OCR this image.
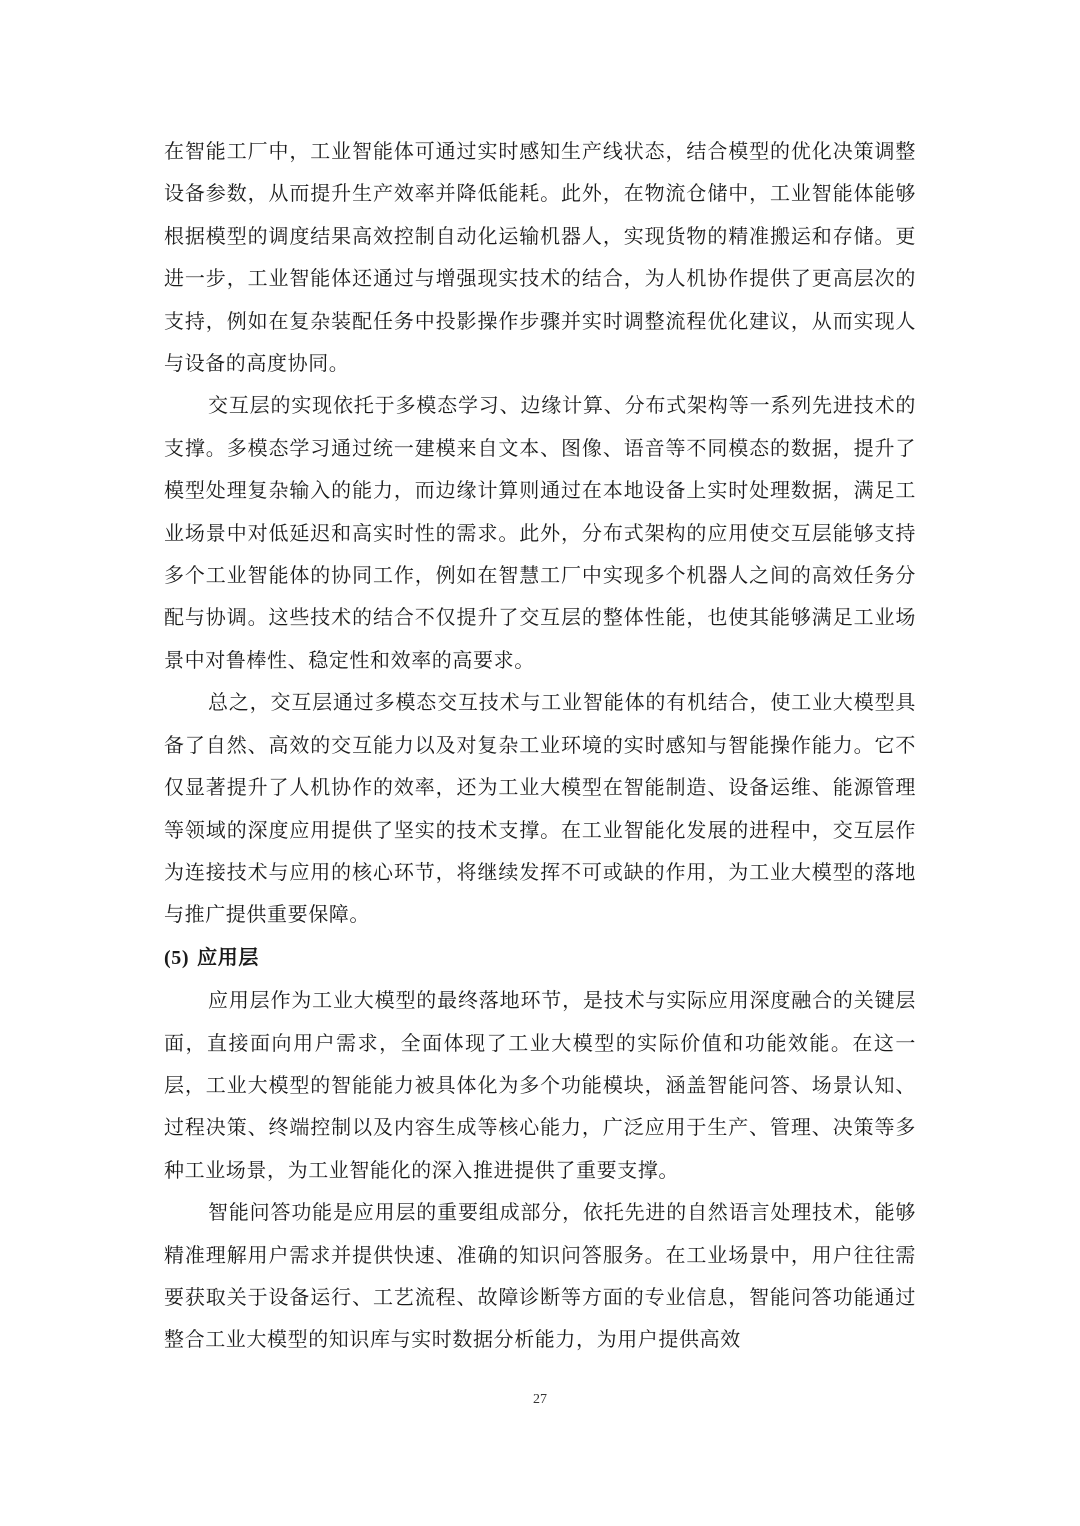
在智能工厂中，工业智能体可通过实时感知生产线状态，结合模型的优化决策调整设备参数，从而提升生产效率并降低能耗。此外，在物流仓储中，工业智能体能够根据模型的调度结果高效控制自动化运输机器人，实现货物的精准搬运和存储。更进一步，工业智能体还通过与增强现实技术的结合，为人机协作提供了更高层次的支持，例如在复杂装配任务中投影操作步骤并实时调整流程优化建议，从而实现人与设备的高度协同。

交互层的实现依托于多模态学习、边缘计算、分布式架构等一系列先进技术的支撑。多模态学习通过统一建模来自文本、图像、语音等不同模态的数据，提升了模型处理复杂输入的能力，而边缘计算则通过在本地设备上实时处理数据，满足工业场景中对低延迟和高实时性的需求。此外，分布式架构的应用使交互层能够支持多个工业智能体的协同工作，例如在智慧工厂中实现多个机器人之间的高效任务分配与协调。这些技术的结合不仅提升了交互层的整体性能，也使其能够满足工业场景中对鲁棒性、稳定性和效率的高要求。

总之，交互层通过多模态交互技术与工业智能体的有机结合，使工业大模型具备了自然、高效的交互能力以及对复杂工业环境的实时感知与智能操作能力。它不仅显著提升了人机协作的效率，还为工业大模型在智能制造、设备运维、能源管理等领域的深度应用提供了坚实的技术支撑。在工业智能化发展的进程中，交互层作为连接技术与应用的核心环节，将继续发挥不可或缺的作用，为工业大模型的落地与推广提供重要保障。

(5) 应用层

应用层作为工业大模型的最终落地环节，是技术与实际应用深度融合的关键层面，直接面向用户需求，全面体现了工业大模型的实际价值和功能效能。在这一层，工业大模型的智能能力被具体化为多个功能模块，涵盖智能问答、场景认知、过程决策、终端控制以及内容生成等核心能力，广泛应用于生产、管理、决策等多种工业场景，为工业智能化的深入推进提供了重要支撑。

智能问答功能是应用层的重要组成部分，依托先进的自然语言处理技术，能够精准理解用户需求并提供快速、准确的知识问答服务。在工业场景中，用户往往需要获取关于设备运行、工艺流程、故障诊断等方面的专业信息，智能问答功能通过整合工业大模型的知识库与实时数据分析能力，为用户提供高效

27
